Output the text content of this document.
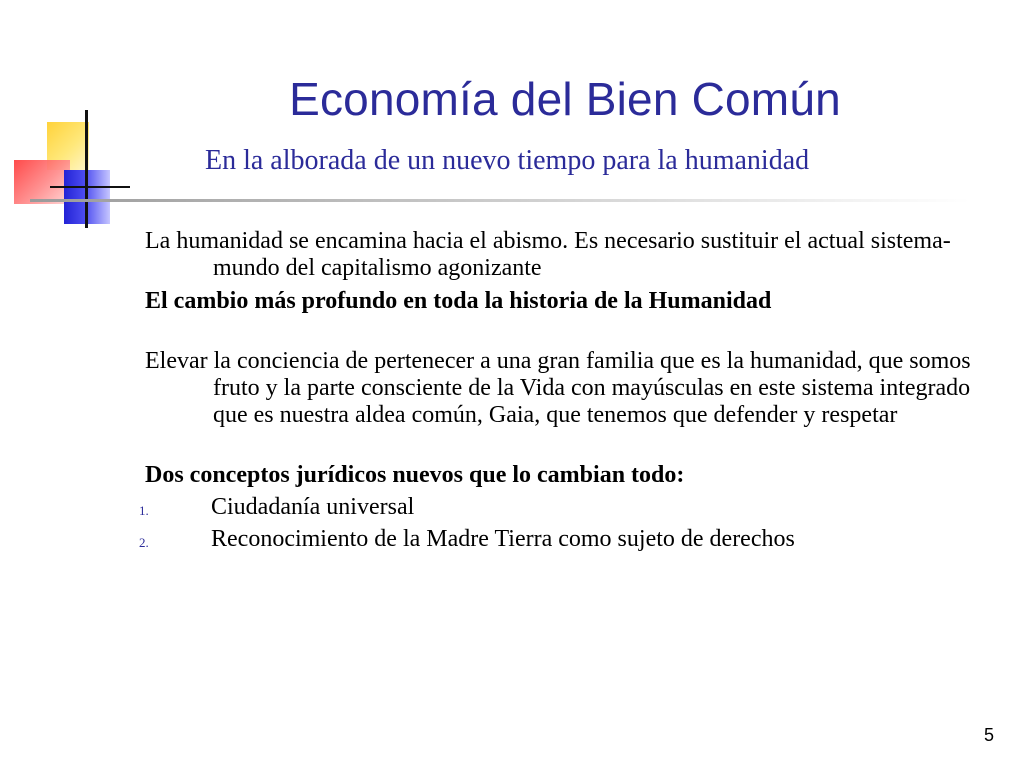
Economía del Bien Común
En la alborada de un nuevo tiempo para la humanidad

La humanidad se encamina hacia el abismo. Es necesario sustituir el actual sistema-mundo del capitalismo agonizante

El cambio más profundo en toda la historia de la Humanidad

Elevar la conciencia de pertenecer a una gran familia que es la humanidad, que somos fruto y la parte consciente de la Vida con mayúsculas en este sistema integrado que es nuestra aldea común, Gaia, que tenemos que defender y respetar

Dos conceptos jurídicos nuevos que lo cambian todo:

1.	Ciudadanía universal
2.	Reconocimiento de la Madre Tierra como sujeto de derechos

5
